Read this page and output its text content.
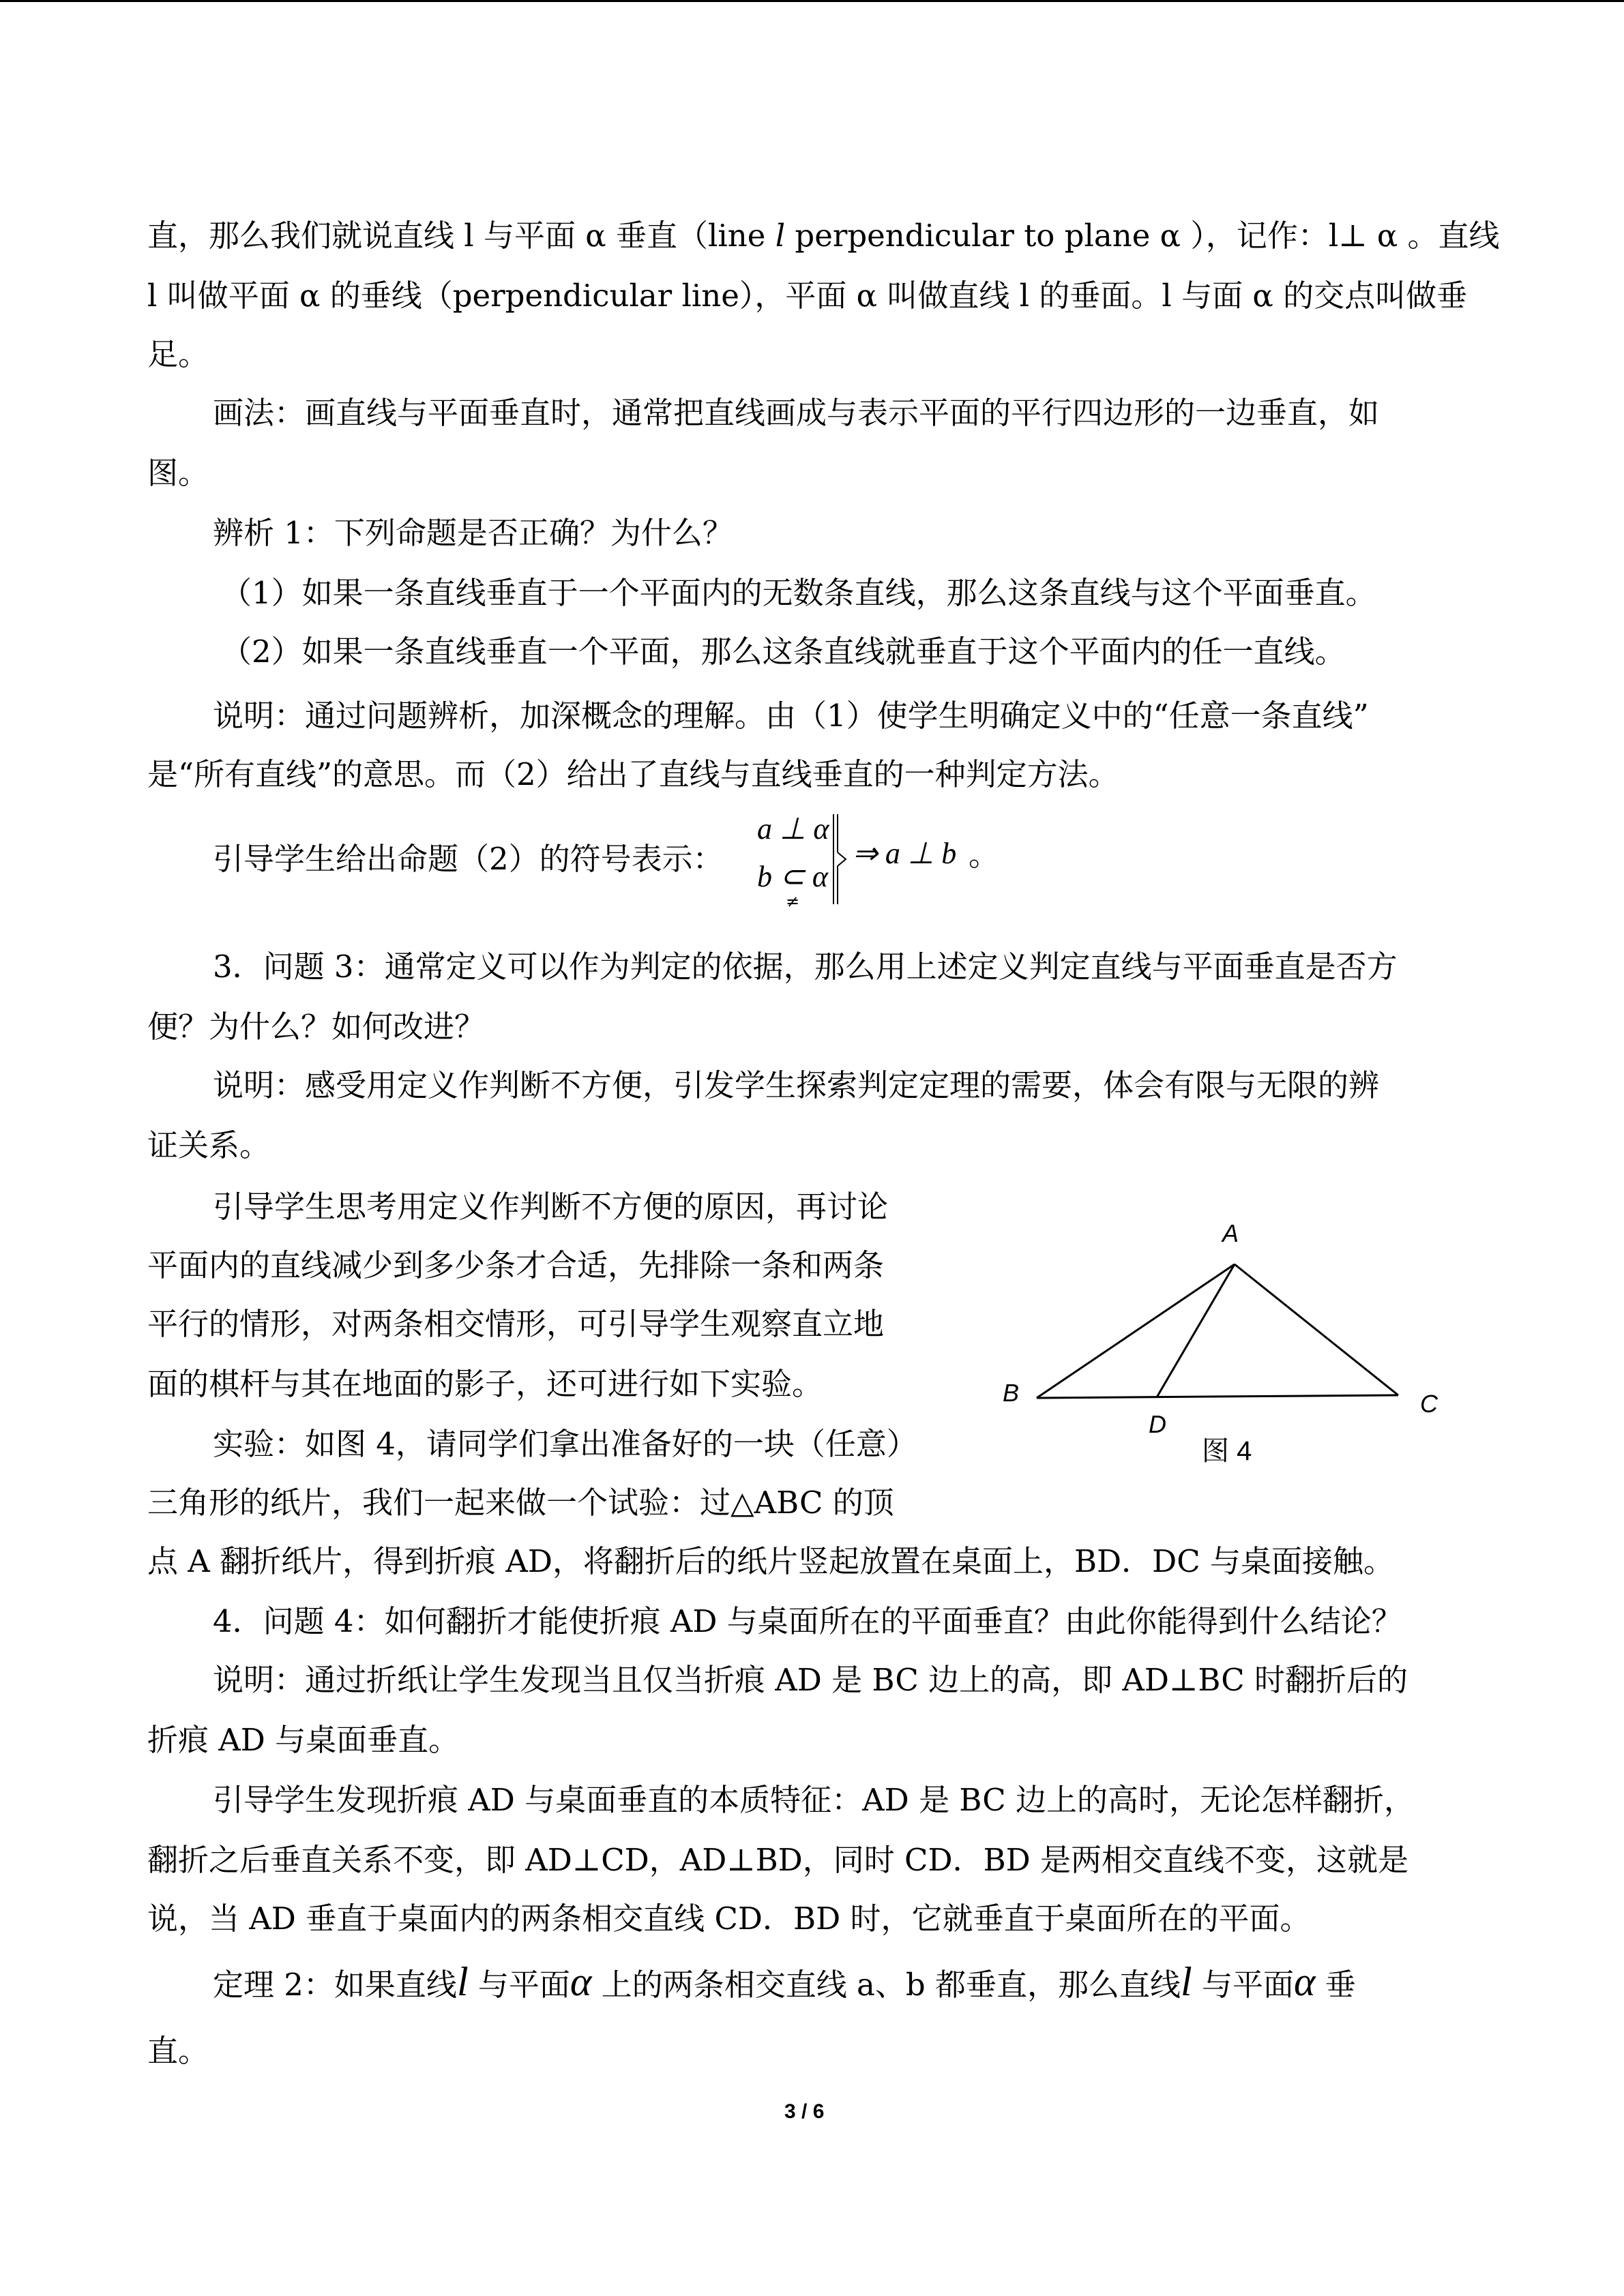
直，那么我们就说直线 l 与平面 α 垂直（line l perpendicular to plane α ），记作：l⊥ α 。直线

l 叫做平面 α 的垂线（perpendicular line），平面 α 叫做直线 l 的垂面。l 与面 α 的交点叫做垂

足。

画法：画直线与平面垂直时，通常把直线画成与表示平面的平行四边形的一边垂直，如

图。

辨析 1：下列命题是否正确？为什么？

（1）如果一条直线垂直于一个平面内的无数条直线，那么这条直线与这个平面垂直。

（2）如果一条直线垂直一个平面，那么这条直线就垂直于这个平面内的任一直线。

说明：通过问题辨析，加深概念的理解。由（1）使学生明确定义中的“任意一条直线”

是“所有直线”的意思。而（2）给出了直线与直线垂直的一种判定方法。

引导学生给出命题（2）的符号表示：

a ⊥ α
b ⊂ α
≠
⇒ a ⊥ b 。

3．问题 3：通常定义可以作为判定的依据，那么用上述定义判定直线与平面垂直是否方

便？为什么？如何改进？

说明：感受用定义作判断不方便，引发学生探索判定定理的需要，体会有限与无限的辨

证关系。

引导学生思考用定义作判断不方便的原因，再讨论

平面内的直线减少到多少条才合适，先排除一条和两条

平行的情形，对两条相交情形，可引导学生观察直立地

面的棋杆与其在地面的影子，还可进行如下实验。

实验：如图 4，请同学们拿出准备好的一块（任意）

三角形的纸片，我们一起来做一个试验：过△ABC 的顶

点 A 翻折纸片，得到折痕 AD，将翻折后的纸片竖起放置在桌面上，BD．DC 与桌面接触。

4．问题 4：如何翻折才能使折痕 AD 与桌面所在的平面垂直？由此你能得到什么结论？

说明：通过折纸让学生发现当且仅当折痕 AD 是 BC 边上的高，即 AD⊥BC 时翻折后的

折痕 AD 与桌面垂直。

引导学生发现折痕 AD 与桌面垂直的本质特征：AD 是 BC 边上的高时，无论怎样翻折，

翻折之后垂直关系不变，即 AD⊥CD，AD⊥BD，同时 CD．BD 是两相交直线不变，这就是

说，当 AD 垂直于桌面内的两条相交直线 CD．BD 时，它就垂直于桌面所在的平面。

定理 2：如果直线l 与平面α 上的两条相交直线 a、b 都垂直，那么直线l 与平面α 垂

直。

A
B	C
D
图 4
3 / 6
